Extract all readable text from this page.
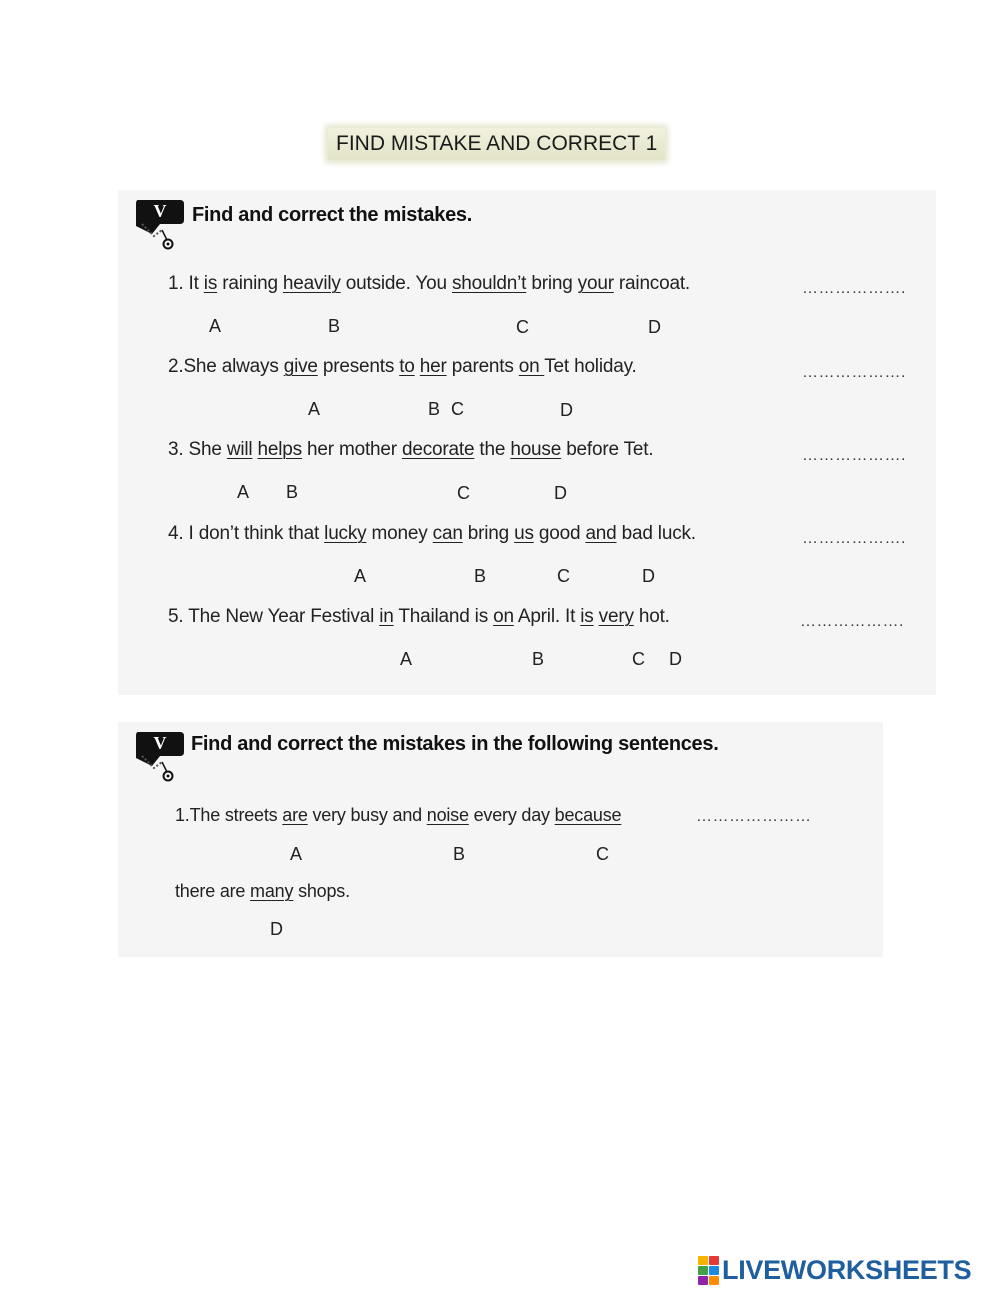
FIND MISTAKE AND CORRECT 1
V Find and correct the mistakes.
1. It is raining heavily outside. You shouldn’t bring your raincoat.	……………….
A	B	C	D
2.She always give presents to her parents on Tet holiday.	……………….
A	B C	D
3. She will helps her mother decorate the house before Tet.	……………….
A B	C	D
4. I don’t think that lucky money can bring us good and bad luck.	……………….
A	B	C	D
5. The New Year Festival in Thailand is on April. It is very hot.	……………….
A	B	C D
V Find and correct the mistakes in the following sentences.
1.The streets are very busy and noise every day because	…………………
A	B	C
there are many shops.
D
LIVEWORKSHEETS
